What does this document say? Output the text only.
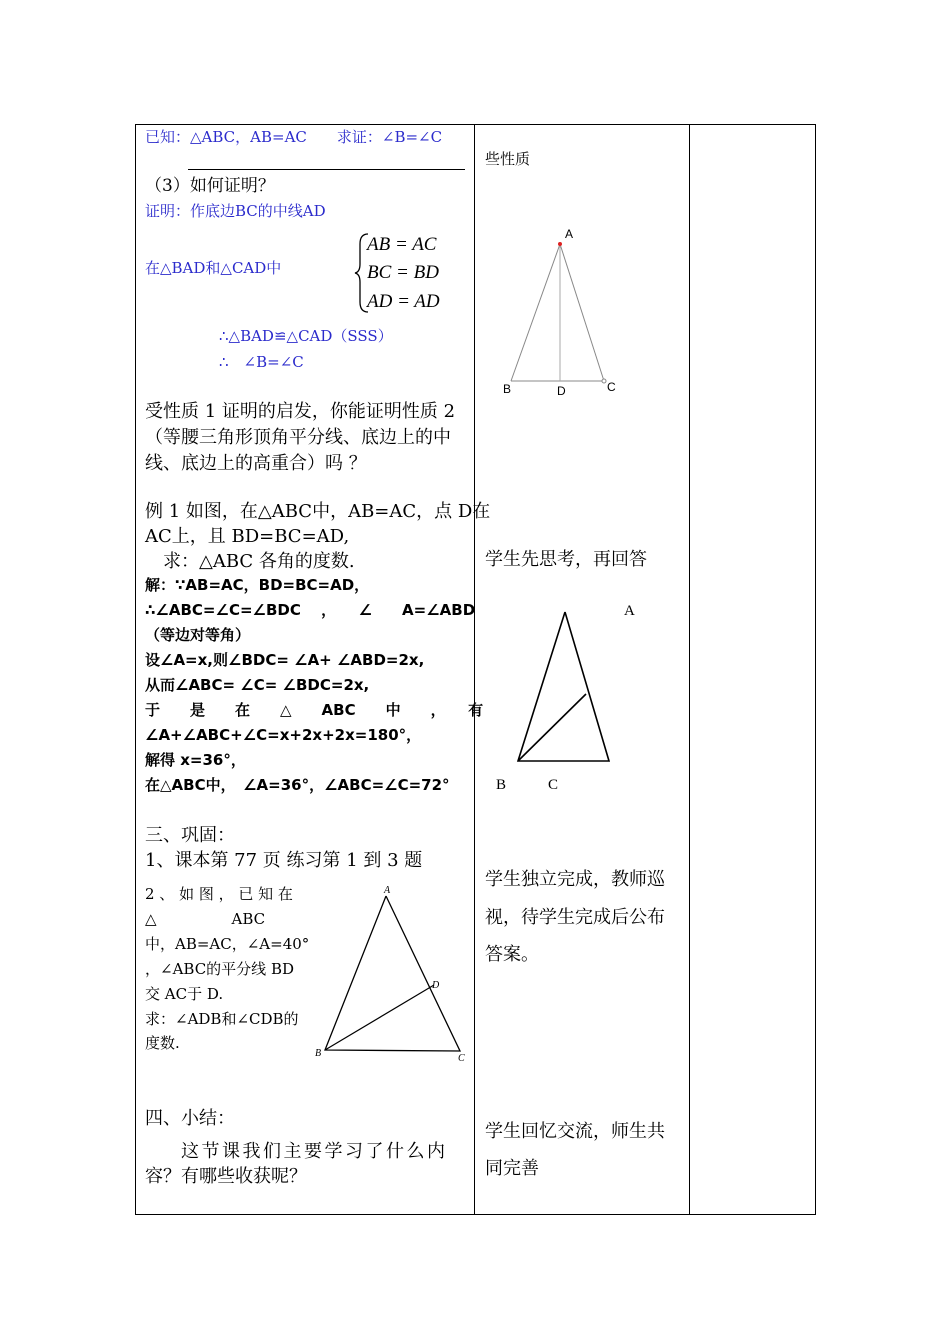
已知：△ABC，AB=AC　　求证：∠B=∠C
（3）如何证明？
证明：作底边BC的中线AD
在△BAD和△CAD中
AB = AC
BC = BD
AD = AD
∴△BAD≌△CAD（SSS）
∴　∠B=∠C
受性质 1 证明的启发，你能证明性质 2
（等腰三角形顶角平分线、底边上的中
线、底边上的高重合）吗 ？
例 1 如图，在△ABC中，AB=AC，点 D在
AC上，且 BD=BC=AD,
求：△ABC 各角的度数.
解：∵AB=AC，BD=BC=AD，
∴∠ABC=∠C=∠BDC　 ，　　∠　　A=∠ABD
（等边对等角）
设∠A=x,则∠BDC= ∠A+ ∠ABD=2x,
从而∠ABC= ∠C= ∠BDC=2x,
于　　是　　在　　△　　ABC　　中　　，　　有
∠A+∠ABC+∠C=x+2x+2x=180°，
解得 x=36°，
在△ABC中，　∠A=36°，∠ABC=∠C=72°
三、巩固：
1、课本第 77 页 练习第 1 到 3 题
2 、 如 图 ， 已 知 在
△　　　　　ABC
中，AB=AC，∠A=40°
，∠ABC的平分线 BD
交 AC于 D.
求：∠ADB和∠CDB的
度数.
A
B	C
D
四、小结：
这节课我们主要学习了什么内
容？有哪些收获呢？
些性质
A
B	C
D
学生先思考，再回答
A
B	C
学生独立完成，教师巡
视，待学生完成后公布
答案。
学生回忆交流，师生共
同完善
